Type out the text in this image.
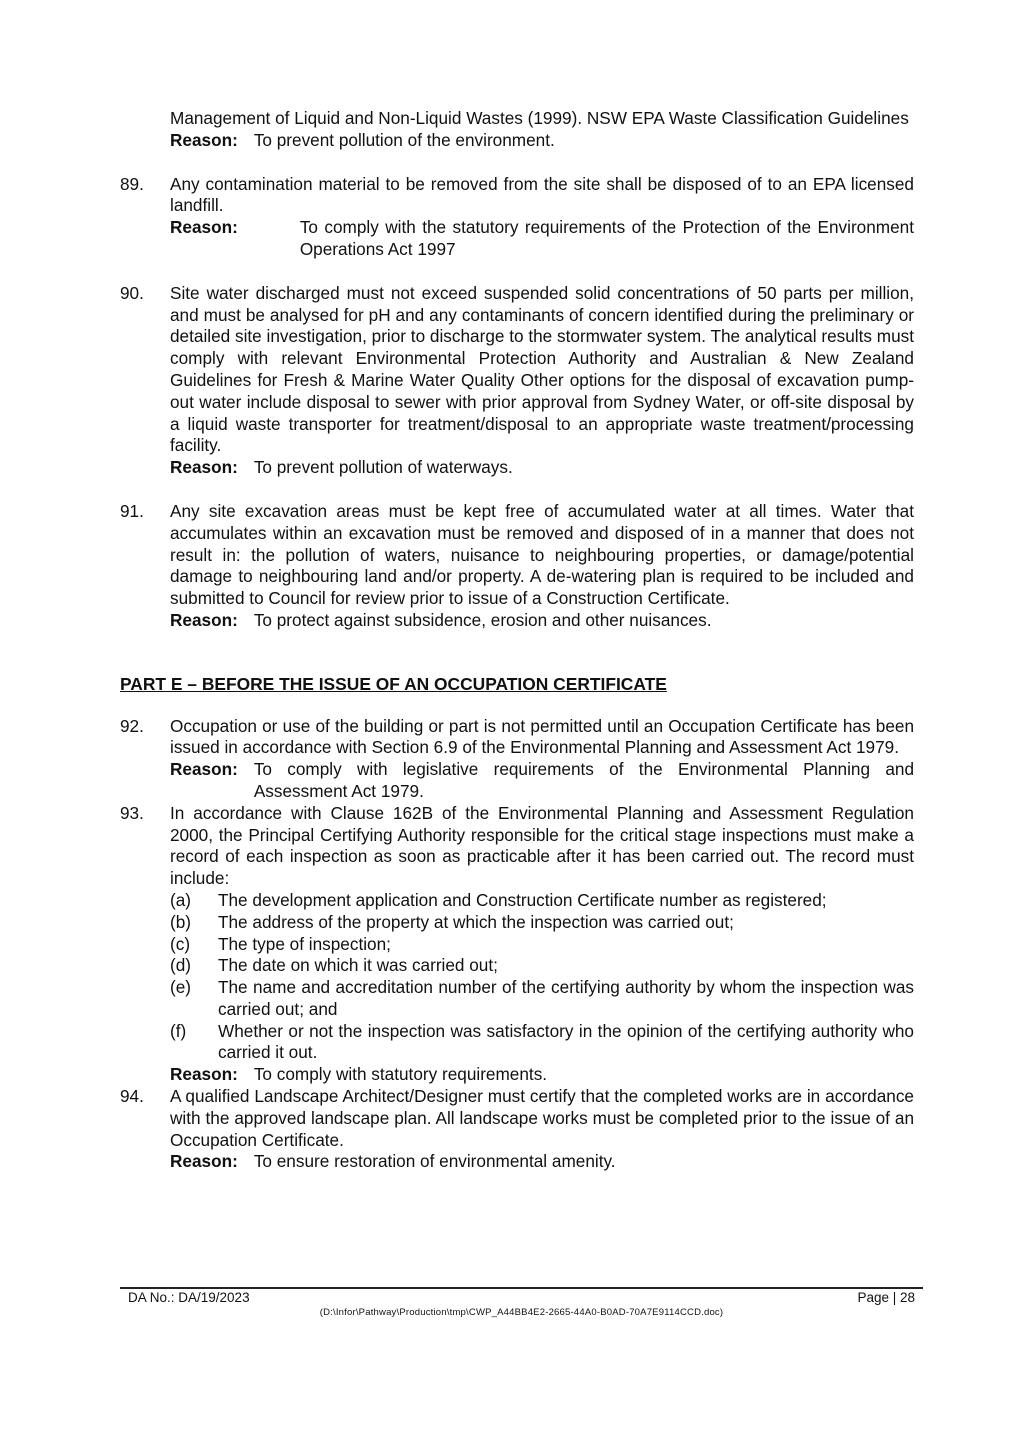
Management of Liquid and Non-Liquid Wastes (1999). NSW EPA Waste Classification Guidelines
Reason: To prevent pollution of the environment.
89. Any contamination material to be removed from the site shall be disposed of to an EPA licensed landfill.
Reason:	To comply with the statutory requirements of the Protection of the Environment Operations Act 1997
90. Site water discharged must not exceed suspended solid concentrations of 50 parts per million, and must be analysed for pH and any contaminants of concern identified during the preliminary or detailed site investigation, prior to discharge to the stormwater system. The analytical results must comply with relevant Environmental Protection Authority and Australian & New Zealand Guidelines for Fresh & Marine Water Quality Other options for the disposal of excavation pump-out water include disposal to sewer with prior approval from Sydney Water, or off-site disposal by a liquid waste transporter for treatment/disposal to an appropriate waste treatment/processing facility.
Reason: To prevent pollution of waterways.
91. Any site excavation areas must be kept free of accumulated water at all times. Water that accumulates within an excavation must be removed and disposed of in a manner that does not result in: the pollution of waters, nuisance to neighbouring properties, or damage/potential damage to neighbouring land and/or property. A de-watering plan is required to be included and submitted to Council for review prior to issue of a Construction Certificate.
Reason: To protect against subsidence, erosion and other nuisances.
PART E – BEFORE THE ISSUE OF AN OCCUPATION CERTIFICATE
92. Occupation or use of the building or part is not permitted until an Occupation Certificate has been issued in accordance with Section 6.9 of the Environmental Planning and Assessment Act 1979.
Reason: To comply with legislative requirements of the Environmental Planning and Assessment Act 1979.
93. In accordance with Clause 162B of the Environmental Planning and Assessment Regulation 2000, the Principal Certifying Authority responsible for the critical stage inspections must make a record of each inspection as soon as practicable after it has been carried out. The record must include:
(a) The development application and Construction Certificate number as registered;
(b) The address of the property at which the inspection was carried out;
(c) The type of inspection;
(d) The date on which it was carried out;
(e) The name and accreditation number of the certifying authority by whom the inspection was carried out; and
(f) Whether or not the inspection was satisfactory in the opinion of the certifying authority who carried it out.
Reason: To comply with statutory requirements.
94. A qualified Landscape Architect/Designer must certify that the completed works are in accordance with the approved landscape plan. All landscape works must be completed prior to the issue of an Occupation Certificate.
Reason: To ensure restoration of environmental amenity.
DA No.: DA/19/2023	Page | 28
(D:\Infor\Pathway\Production\tmp\CWP_A44BB4E2-2665-44A0-B0AD-70A7E9114CCD.doc)
